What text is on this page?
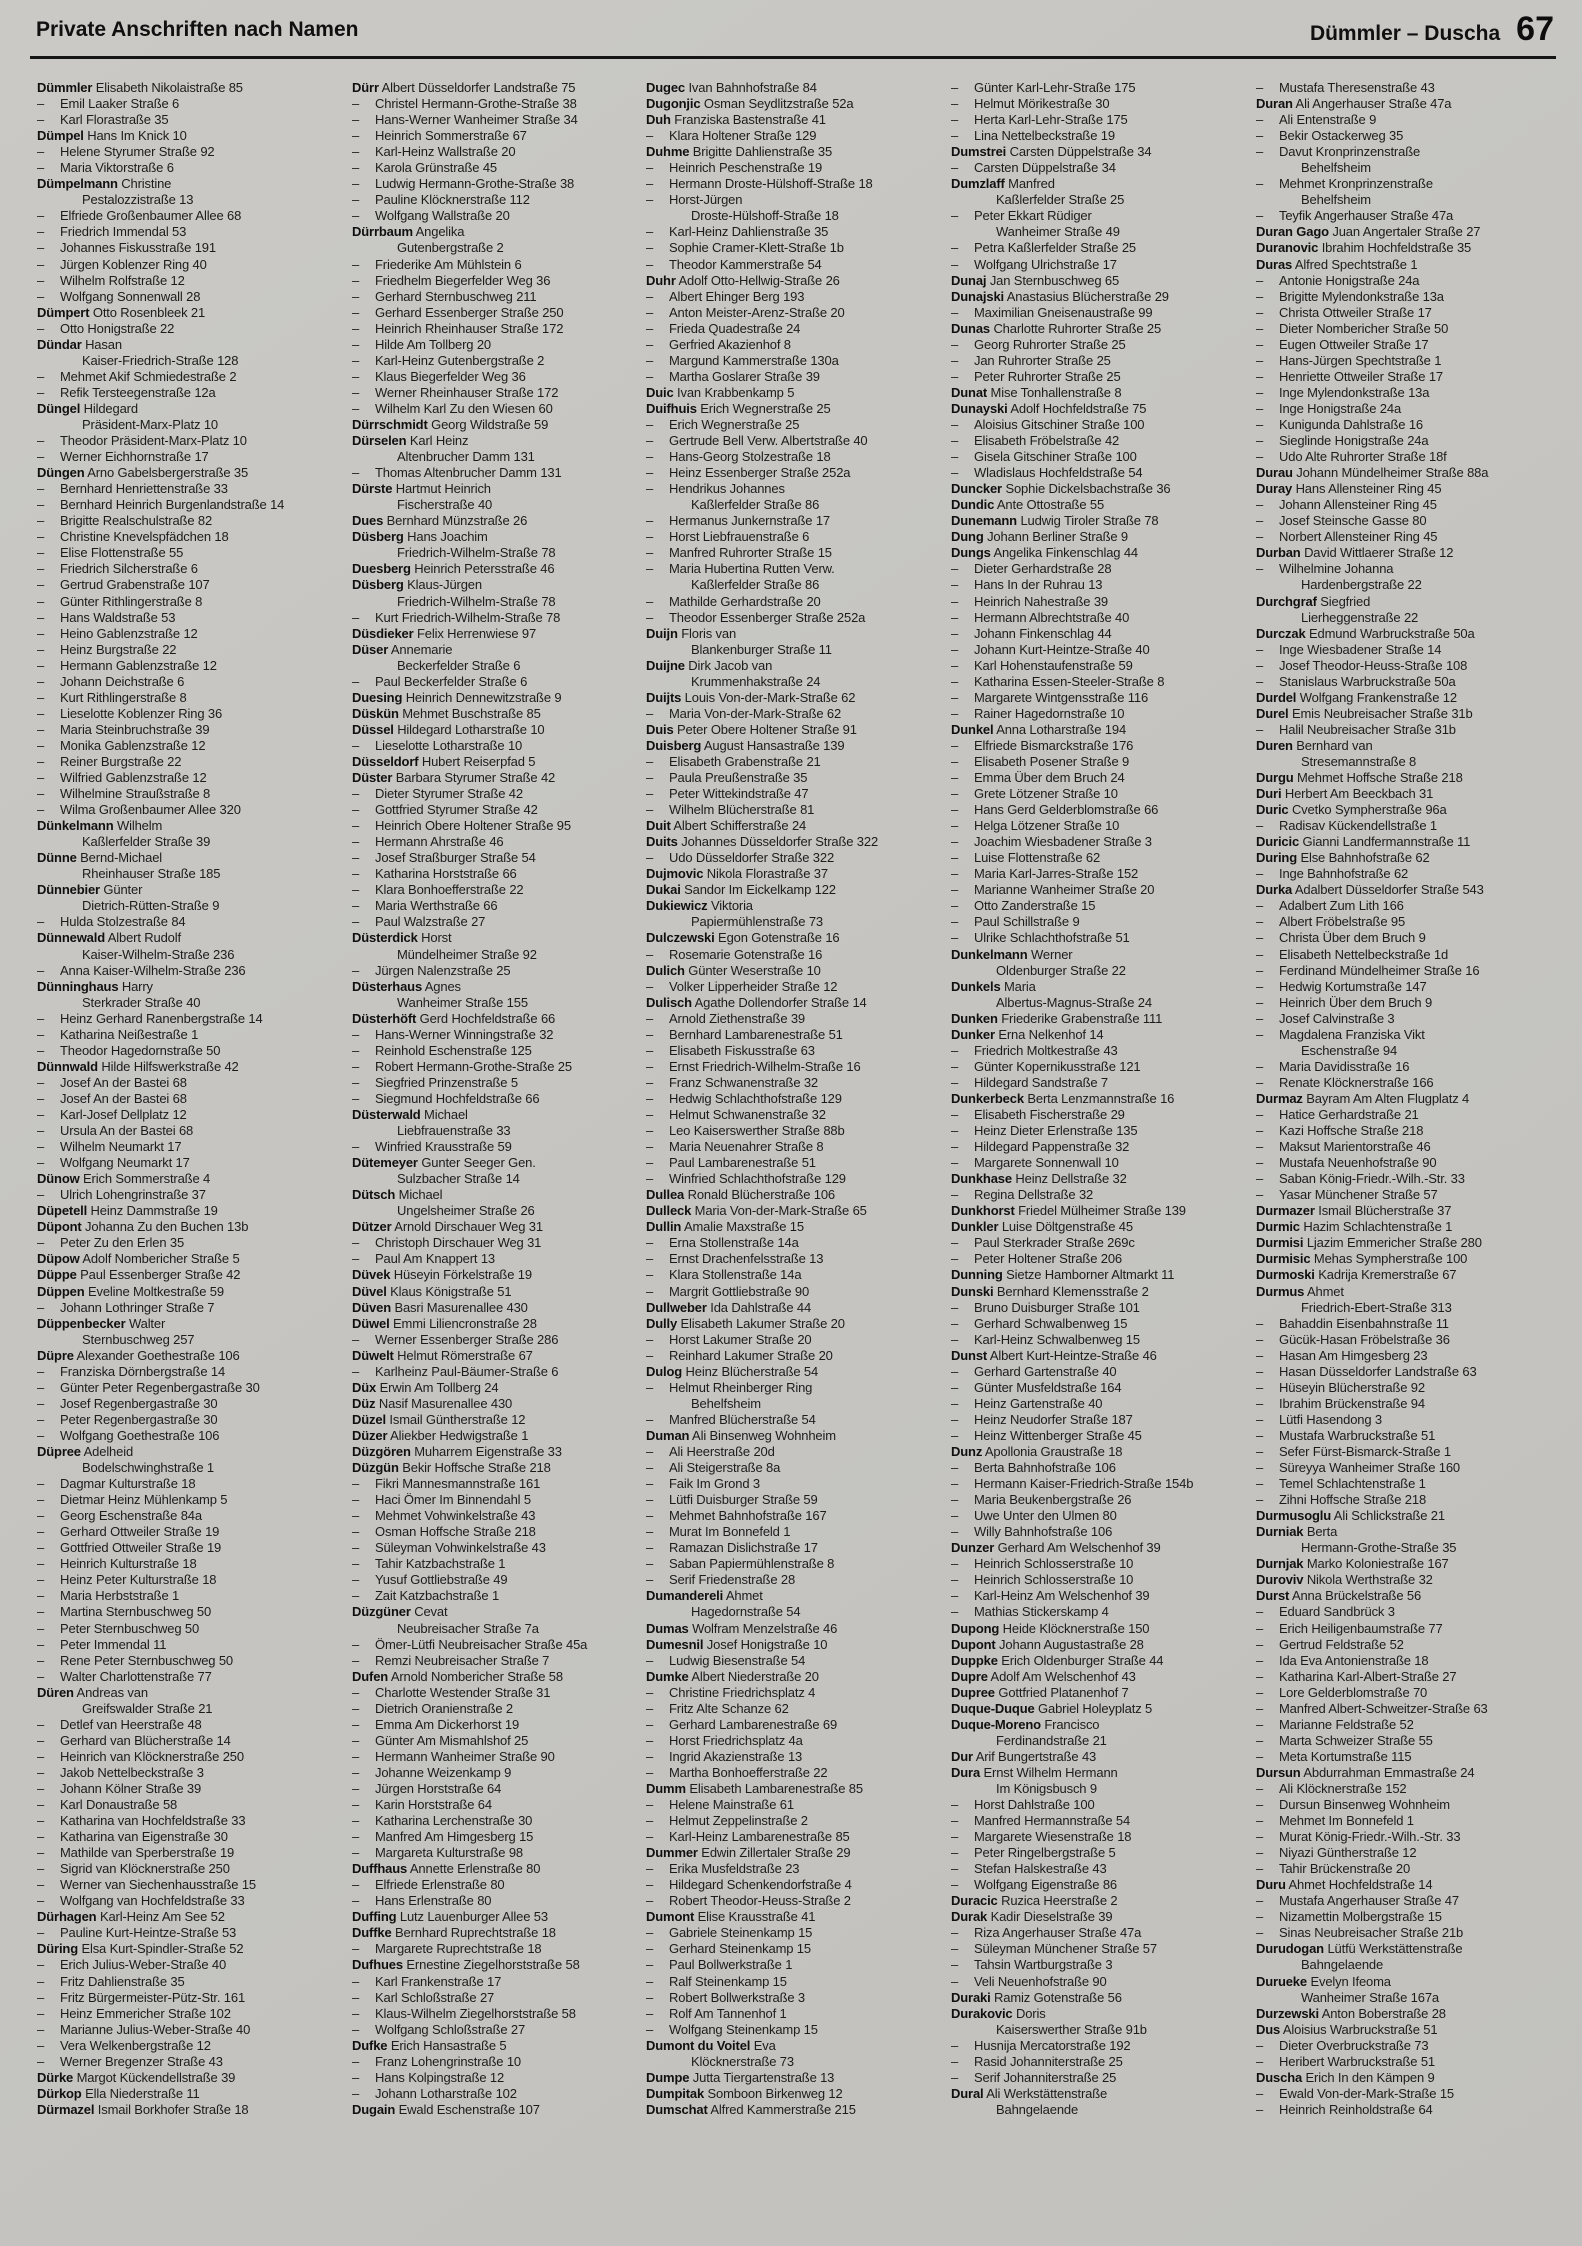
Private Anschriften nach Namen	Dümmler – Duscha 67
Dümmler Elisabeth Nikolaistraße 85
– Emil Laaker Straße 6
– Karl Florastraße 35
Dümpel Hans Im Knick 10
– Helene Styrumer Straße 92
– Maria Viktorstraße 6
Dümpelmann Christine
Pestalozzistraße 13
– Elfriede Großenbaumer Allee 68
– Friedrich Immendal 53
– Johannes Fiskusstraße 191
– Jürgen Koblenzer Ring 40
– Wilhelm Rolfstraße 12
– Wolfgang Sonnenwall 28
Dümpert Otto Rosenbleek 21
– Otto Honigstraße 22
Dündar Hasan
Kaiser-Friedrich-Straße 128
– Mehmet Akif Schmiedestraße 2
– Refik Tersteegenstraße 12a
Düngel Hildegard
Präsident-Marx-Platz 10
– Theodor Präsident-Marx-Platz 10
– Werner Eichhornstraße 17
Düngen Arno Gabelsbergerstraße 35
– Bernhard Henriettenstraße 33
– Bernhard Heinrich Burgenlandstraße 14
– Brigitte Realschulstraße 82
– Christine Knevelspfädchen 18
– Elise Flottenstraße 55
– Friedrich Silcherstraße 6
– Gertrud Grabenstraße 107
– Günter Rithlingerstraße 8
– Hans Waldstraße 53
– Heino Gablenzstraße 12
– Heinz Burgstraße 22
– Hermann Gablenzstraße 12
– Johann Deichstraße 6
– Kurt Rithlingerstraße 8
– Lieselotte Koblenzer Ring 36
– Maria Steinbruchstraße 39
– Monika Gablenzstraße 12
– Reiner Burgstraße 22
– Wilfried Gablenzstraße 12
– Wilhelmine Straußstraße 8
– Wilma Großenbaumer Allee 320
Dünkelmann Wilhelm
Kaßlerfelder Straße 39
Dünne Bernd-Michael
Rheinhauser Straße 185
Dünnebier Günter
Dietrich-Rütten-Straße 9
– Hulda Stolzestraße 84
Dünnewald Albert Rudolf
Kaiser-Wilhelm-Straße 236
– Anna Kaiser-Wilhelm-Straße 236
Dünninghaus Harry
Sterkrader Straße 40
– Heinz Gerhard Ranenbergstraße 14
– Katharina Neißestraße 1
– Theodor Hagedornstraße 50
Dünnwald Hilde Hilfswerkstraße 42
– Josef An der Bastei 68
– Josef An der Bastei 68
– Karl-Josef Dellplatz 12
– Ursula An der Bastei 68
– Wilhelm Neumarkt 17
– Wolfgang Neumarkt 17
Dünow Erich Sommerstraße 4
– Ulrich Lohengrinstraße 37
Düpetell Heinz Dammstraße 19
Düpont Johanna Zu den Buchen 13b
– Peter Zu den Erlen 35
Düpow Adolf Nombericher Straße 5
Düppe Paul Essenberger Straße 42
Düppen Eveline Moltkestraße 59
– Johann Lothringer Straße 7
Düppenbecker Walter
Sternbuschweg 257
Düpre Alexander Goethestraße 106
– Franziska Dörnbergstraße 14
– Günter Peter Regenbergastraße 30
– Josef Regenbergastraße 30
– Peter Regenbergastraße 30
– Wolfgang Goethestraße 106
Düpree Adelheid
Bodelschwinghstraße 1
– Dagmar Kulturstraße 18
– Dietmar Heinz Mühlenkamp 5
– Georg Eschenstraße 84a
– Gerhard Ottweiler Straße 19
– Gottfried Ottweiler Straße 19
– Heinrich Kulturstraße 18
– Heinz Peter Kulturstraße 18
– Maria Herbststraße 1
– Martina Sternbuschweg 50
– Peter Sternbuschweg 50
– Peter Immendal 11
– Rene Peter Sternbuschweg 50
– Walter Charlottenstraße 77
Düren Andreas van
Greifswalder Straße 21
– Detlef van Heerstraße 48
– Gerhard van Blücherstraße 14
– Heinrich van Klöcknerstraße 250
– Jakob Nettelbeckstraße 3
– Johann Kölner Straße 39
– Karl Donaustraße 58
– Katharina van Hochfeldstraße 33
– Katharina van Eigenstraße 30
– Mathilde van Sperberstraße 19
– Sigrid van Klöcknerstraße 250
– Werner van Siechenhausstraße 15
– Wolfgang van Hochfeldstraße 33
Dürhagen Karl-Heinz Am See 52
– Pauline Kurt-Heintze-Straße 53
Düring Elsa Kurt-Spindler-Straße 52
– Erich Julius-Weber-Straße 40
– Fritz Dahlienstraße 35
– Fritz Bürgermeister-Pütz-Str. 161
– Heinz Emmericher Straße 102
– Marianne Julius-Weber-Straße 40
– Vera Welkenbergstraße 12
– Werner Bregenzer Straße 43
Dürke Margot Kückendellstraße 39
Dürkop Ella Niederstraße 11
Dürmazel Ismail Borkhofer Straße 18
Dürr Albert Düsseldorfer Landstraße 75
– Christel Hermann-Grothe-Straße 38
– Hans-Werner Wanheimer Straße 34
– Heinrich Sommerstraße 67
– Karl-Heinz Wallstraße 20
– Karola Grünstraße 45
– Ludwig Hermann-Grothe-Straße 38
– Pauline Klöcknerstraße 112
– Wolfgang Wallstraße 20
Dürrbaum Angelika
Gutenbergstraße 2
– Friederike Am Mühlstein 6
– Friedhelm Biegerfelder Weg 36
– Gerhard Sternbuschweg 211
– Gerhard Essenberger Straße 250
– Heinrich Rheinhauser Straße 172
– Hilde Am Tollberg 20
– Karl-Heinz Gutenbergstraße 2
– Klaus Biegerfelder Weg 36
– Werner Rheinhauser Straße 172
– Wilhelm Karl Zu den Wiesen 60
Dürrschmidt Georg Wildstraße 59
Dürselen Karl Heinz
Altenbrucher Damm 131
– Thomas Altenbrucher Damm 131
Dürste Hartmut Heinrich
Fischerstraße 40
Dues Bernhard Münzstraße 26
Düsberg Hans Joachim
Friedrich-Wilhelm-Straße 78
Duesberg Heinrich Petersstraße 46
Düsberg Klaus-Jürgen
Friedrich-Wilhelm-Straße 78
– Kurt Friedrich-Wilhelm-Straße 78
Düsdieker Felix Herrenwiese 97
Düser Annemarie
Beckerfelder Straße 6
– Paul Beckerfelder Straße 6
Duesing Heinrich Dennewitzstraße 9
Düskün Mehmet Buschstraße 85
Düssel Hildegard Lotharstraße 10
– Lieselotte Lotharstraße 10
Düsseldorf Hubert Reiserpfad 5
Düster Barbara Styrumer Straße 42
– Dieter Styrumer Straße 42
– Gottfried Styrumer Straße 42
– Heinrich Obere Holtener Straße 95
– Hermann Ahrstraße 46
– Josef Straßburger Straße 54
– Katharina Horststraße 66
– Klara Bonhoefferstraße 22
– Maria Werthstraße 66
– Paul Walzstraße 27
Düsterdick Horst
Mündelheimer Straße 92
– Jürgen Nalenzstraße 25
Düsterhaus Agnes
Wanheimer Straße 155
Düsterhöft Gerd Hochfeldstraße 66
– Hans-Werner Winningstraße 32
– Reinhold Eschenstraße 125
– Robert Hermann-Grothe-Straße 25
– Siegfried Prinzenstraße 5
– Siegmund Hochfeldstraße 66
Düsterwald Michael
Liebfrauenstraße 33
– Winfried Krausstraße 59
Dütemeyer Gunter Seeger Gen.
Sulzbacher Straße 14
Dütsch Michael
Ungelsheimer Straße 26
Dützer Arnold Dirschauer Weg 31
– Christoph Dirschauer Weg 31
– Paul Am Knappert 13
Düvek Hüseyin Förkelstraße 19
Düvel Klaus Königstraße 51
Düven Basri Masurenallee 430
Düwel Emmi Liliencronstraße 28
– Werner Essenberger Straße 286
Düwelt Helmut Römerstraße 67
– Karlheinz Paul-Bäumer-Straße 6
Düx Erwin Am Tollberg 24
Düz Nasif Masurenallee 430
Düzel Ismail Güntherstraße 12
Düzer Aliekber Hedwigstraße 1
Düzgören Muharrem Eigenstraße 33
Düzgün Bekir Hoffsche Straße 218
– Fikri Mannesmannstraße 161
– Haci Ömer Im Binnendahl 5
– Mehmet Vohwinkelstraße 43
– Osman Hoffsche Straße 218
– Süleyman Vohwinkelstraße 43
– Tahir Katzbachstraße 1
– Yusuf Gottliebstraße 49
– Zait Katzbachstraße 1
Düzgüner Cevat
Neubreisacher Straße 7a
– Ömer-Lütfi Neubreisacher Straße 45a
– Remzi Neubreisacher Straße 7
Dufen Arnold Nombericher Straße 58
– Charlotte Westender Straße 31
– Dietrich Oranienstraße 2
– Emma Am Dickerhorst 19
– Günter Am Mismahlshof 25
– Hermann Wanheimer Straße 90
– Johanne Weizenkamp 9
– Jürgen Horststraße 64
– Karin Horststraße 64
– Katharina Lerchenstraße 30
– Manfred Am Himgesberg 15
– Margareta Kulturstraße 98
Duffhaus Annette Erlenstraße 80
– Elfriede Erlenstraße 80
– Hans Erlenstraße 80
Duffing Lutz Lauenburger Allee 53
Duffke Bernhard Ruprechtstraße 18
– Margarete Ruprechtstraße 18
Dufhues Ernestine Ziegelhorststraße 58
– Karl Frankenstraße 17
– Karl Schloßstraße 27
– Klaus-Wilhelm Ziegelhorststraße 58
– Wolfgang Schloßstraße 27
Dufke Erich Hansastraße 5
– Franz Lohengrinstraße 10
– Hans Kolpingstraße 12
– Johann Lotharstraße 102
Dugain Ewald Eschenstraße 107
Dugec Ivan Bahnhofstraße 84
Dugonjic Osman Seydlitzstraße 52a
Duh Franziska Bastenstraße 41
– Klara Holtener Straße 129
Duhme Brigitte Dahlienstraße 35
– Heinrich Peschenstraße 19
– Hermann Droste-Hülshoff-Straße 18
– Horst-Jürgen
Droste-Hülshoff-Straße 18
– Karl-Heinz Dahlienstraße 35
– Sophie Cramer-Klett-Straße 1b
– Theodor Kammerstraße 54
Duhr Adolf Otto-Hellwig-Straße 26
– Albert Ehinger Berg 193
– Anton Meister-Arenz-Straße 20
– Frieda Quadestraße 24
– Gerfried Akazienhof 8
– Margund Kammerstraße 130a
– Martha Goslarer Straße 39
Duic Ivan Krabbenkamp 5
Duifhuis Erich Wegnerstraße 25
– Erich Wegnerstraße 25
– Gertrude Bell Verw. Albertstraße 40
– Hans-Georg Stolzestraße 18
– Heinz Essenberger Straße 252a
– Hendrikus Johannes
Kaßlerfelder Straße 86
– Hermanus Junkernstraße 17
– Horst Liebfrauenstraße 6
– Manfred Ruhrorter Straße 15
– Maria Hubertina Rutten Verw.
Kaßlerfelder Straße 86
– Mathilde Gerhardstraße 20
– Theodor Essenberger Straße 252a
Duijn Floris van
Blankenburger Straße 11
Duijne Dirk Jacob van
Krummenhakstraße 24
Duijts Louis Von-der-Mark-Straße 62
– Maria Von-der-Mark-Straße 62
Duis Peter Obere Holtener Straße 91
Duisberg August Hansastraße 139
– Elisabeth Grabenstraße 21
– Paula Preußenstraße 35
– Peter Wittekindstraße 47
– Wilhelm Blücherstraße 81
Duit Albert Schifferstraße 24
Duits Johannes Düsseldorfer Straße 322
– Udo Düsseldorfer Straße 322
Dujmovic Nikola Florastraße 37
Dukai Sandor Im Eickelkamp 122
Dukiewicz Viktoria
Papiermühlenstraße 73
Dulczewski Egon Gotenstraße 16
– Rosemarie Gotenstraße 16
Dulich Günter Weserstraße 10
– Volker Lipperheider Straße 12
Dulisch Agathe Dollendorfer Straße 14
– Arnold Ziethenstraße 39
– Bernhard Lambarenestraße 51
– Elisabeth Fiskusstraße 63
– Ernst Friedrich-Wilhelm-Straße 16
– Franz Schwanenstraße 32
– Hedwig Schlachthofstraße 129
– Helmut Schwanenstraße 32
– Leo Kaiserswerther Straße 88b
– Maria Neuenahrer Straße 8
– Paul Lambarenestraße 51
– Winfried Schlachthofstraße 129
Dullea Ronald Blücherstraße 106
Dulleck Maria Von-der-Mark-Straße 65
Dullin Amalie Maxstraße 15
– Erna Stollenstraße 14a
– Ernst Drachenfelsstraße 13
– Klara Stollenstraße 14a
– Margrit Gottliebstraße 90
Dullweber Ida Dahlstraße 44
Dully Elisabeth Lakumer Straße 20
– Horst Lakumer Straße 20
– Reinhard Lakumer Straße 20
Dulog Heinz Blücherstraße 54
– Helmut Rheinberger Ring
Behelfsheim
– Manfred Blücherstraße 54
Duman Ali Binsenweg Wohnheim
– Ali Heerstraße 20d
– Ali Steigerstraße 8a
– Faik Im Grond 3
– Lütfi Duisburger Straße 59
– Mehmet Bahnhofstraße 167
– Murat Im Bonnefeld 1
– Ramazan Dislichstraße 17
– Saban Papiermühlenstraße 8
– Serif Friedenstraße 28
Dumandereli Ahmet
Hagedornstraße 54
Dumas Wolfram Menzelstraße 46
Dumesnil Josef Honigstraße 10
– Ludwig Biesenstraße 54
Dumke Albert Niederstraße 20
– Christine Friedrichsplatz 4
– Fritz Alte Schanze 62
– Gerhard Lambarenestraße 69
– Horst Friedrichsplatz 4a
– Ingrid Akazienstraße 13
– Martha Bonhoefferstraße 22
Dumm Elisabeth Lambarenestraße 85
– Helene Mainstraße 61
– Helmut Zeppelinstraße 2
– Karl-Heinz Lambarenestraße 85
Dummer Edwin Zillertaler Straße 29
– Erika Musfeldstraße 23
– Hildegard Schenkendorfstraße 4
– Robert Theodor-Heuss-Straße 2
Dumont Elise Krausstraße 41
– Gabriele Steinenkamp 15
– Gerhard Steinenkamp 15
– Paul Bollwerkstraße 1
– Ralf Steinenkamp 15
– Robert Bollwerkstraße 3
– Rolf Am Tannenhof 1
– Wolfgang Steinenkamp 15
Dumont du Voitel Eva
Klöcknerstraße 73
Dumpe Jutta Tiergartenstraße 13
Dumpitak Somboon Birkenweg 12
Dumschat Alfred Kammerstraße 215
– Günter Karl-Lehr-Straße 175
– Helmut Mörikestraße 30
– Herta Karl-Lehr-Straße 175
– Lina Nettelbeckstraße 19
Dumstrei Carsten Düppelstraße 34
– Carsten Düppelstraße 34
Dumzlaff Manfred
Kaßlerfelder Straße 25
– Peter Ekkart Rüdiger
Wanheimer Straße 49
– Petra Kaßlerfelder Straße 25
– Wolfgang Ulrichstraße 17
Dunaj Jan Sternbuschweg 65
Dunajski Anastasius Blücherstraße 29
– Maximilian Gneisenaustraße 99
Dunas Charlotte Ruhrorter Straße 25
– Georg Ruhrorter Straße 25
– Jan Ruhrorter Straße 25
– Peter Ruhrorter Straße 25
Dunat Mise Tonhallenstraße 8
Dunayski Adolf Hochfeldstraße 75
– Aloisius Gitschiner Straße 100
– Elisabeth Fröbelstraße 42
– Gisela Gitschiner Straße 100
– Wladislaus Hochfeldstraße 54
Duncker Sophie Dickelsbachstraße 36
Dundic Ante Ottostraße 55
Dunemann Ludwig Tiroler Straße 78
Dung Johann Berliner Straße 9
Dungs Angelika Finkenschlag 44
– Dieter Gerhardstraße 28
– Hans In der Ruhrau 13
– Heinrich Nahestraße 39
– Hermann Albrechtstraße 40
– Johann Finkenschlag 44
– Johann Kurt-Heintze-Straße 40
– Karl Hohenstaufenstraße 59
– Katharina Essen-Steeler-Straße 8
– Margarete Wintgensstraße 116
– Rainer Hagedornstraße 10
Dunkel Anna Lotharstraße 194
– Elfriede Bismarckstraße 176
– Elisabeth Posener Straße 9
– Emma Über dem Bruch 24
– Grete Lötzener Straße 10
– Hans Gerd Gelderblomstraße 66
– Helga Lötzener Straße 10
– Joachim Wiesbadener Straße 3
– Luise Flottenstraße 62
– Maria Karl-Jarres-Straße 152
– Marianne Wanheimer Straße 20
– Otto Zanderstraße 15
– Paul Schillstraße 9
– Ulrike Schlachthofstraße 51
Dunkelmann Werner
Oldenburger Straße 22
Dunkels Maria
Albertus-Magnus-Straße 24
Dunken Friederike Grabenstraße 111
Dunker Erna Nelkenhof 14
– Friedrich Moltkestraße 43
– Günter Kopernikusstraße 121
– Hildegard Sandstraße 7
Dunkerbeck Berta Lenzmannstraße 16
– Elisabeth Fischerstraße 29
– Heinz Dieter Erlenstraße 135
– Hildegard Pappenstraße 32
– Margarete Sonnenwall 10
Dunkhase Heinz Dellstraße 32
– Regina Dellstraße 32
Dunkhorst Friedel Mülheimer Straße 139
Dunkler Luise Döltgenstraße 45
– Paul Sterkrader Straße 269c
– Peter Holtener Straße 206
Dunning Sietze Hamborner Altmarkt 11
Dunski Bernhard Klemensstraße 2
– Bruno Duisburger Straße 101
– Gerhard Schwalbenweg 15
– Karl-Heinz Schwalbenweg 15
Dunst Albert Kurt-Heintze-Straße 46
– Gerhard Gartenstraße 40
– Günter Musfeldstraße 164
– Heinz Gartenstraße 40
– Heinz Neudorfer Straße 187
– Heinz Wittenberger Straße 45
Dunz Apollonia Graustraße 18
– Berta Bahnhofstraße 106
– Hermann Kaiser-Friedrich-Straße 154b
– Maria Beukenbergstraße 26
– Uwe Unter den Ulmen 80
– Willy Bahnhofstraße 106
Dunzer Gerhard Am Welschenhof 39
– Heinrich Schlosserstraße 10
– Heinrich Schlosserstraße 10
– Karl-Heinz Am Welschenhof 39
– Mathias Stickerskamp 4
Dupong Heide Klöcknerstraße 150
Dupont Johann Augustastraße 28
Duppke Erich Oldenburger Straße 44
Dupre Adolf Am Welschenhof 43
Dupree Gottfried Platanenhof 7
Duque-Duque Gabriel Holeyplatz 5
Duque-Moreno Francisco
Ferdinandstraße 21
Dur Arif Bungertstraße 43
Dura Ernst Wilhelm Hermann
Im Königsbusch 9
– Horst Dahlstraße 100
– Manfred Hermannstraße 54
– Margarete Wiesenstraße 18
– Peter Ringelbergstraße 5
– Stefan Halskestraße 43
– Wolfgang Eigenstraße 86
Duracic Ruzica Heerstraße 2
Durak Kadir Dieselstraße 39
– Riza Angerhauser Straße 47a
– Süleyman Münchener Straße 57
– Tahsin Wartburgstraße 3
– Veli Neuenhofstraße 90
Duraki Ramiz Gotenstraße 56
Durakovic Doris
Kaiserswerther Straße 91b
– Husnija Mercatorstraße 192
– Rasid Johanniterstraße 25
– Serif Johanniterstraße 25
Dural Ali Werkstättenstraße
Bahngelaende
– Mustafa Theresenstraße 43
Duran Ali Angerhauser Straße 47a
– Ali Entenstraße 9
– Bekir Ostackerweg 35
– Davut Kronprinzenstraße
Behelfsheim
– Mehmet Kronprinzenstraße
Behelfsheim
– Teyfik Angerhauser Straße 47a
Duran Gago Juan Angertaler Straße 27
Duranovic Ibrahim Hochfeldstraße 35
Duras Alfred Spechtstraße 1
– Antonie Honigstraße 24a
– Brigitte Mylendonkstraße 13a
– Christa Ottweiler Straße 17
– Dieter Nombericher Straße 50
– Eugen Ottweiler Straße 17
– Hans-Jürgen Spechtstraße 1
– Henriette Ottweiler Straße 17
– Inge Mylendonkstraße 13a
– Inge Honigstraße 24a
– Kunigunda Dahlstraße 16
– Sieglinde Honigstraße 24a
– Udo Alte Ruhrorter Straße 18f
Durau Johann Mündelheimer Straße 88a
Duray Hans Allensteiner Ring 45
– Johann Allensteiner Ring 45
– Josef Steinsche Gasse 80
– Norbert Allensteiner Ring 45
Durban David Wittlaerer Straße 12
– Wilhelmine Johanna
Hardenbergstraße 22
Durchgraf Siegfried
Lierheggenstraße 22
Durczak Edmund Warbruckstraße 50a
– Inge Wiesbadener Straße 14
– Josef Theodor-Heuss-Straße 108
– Stanislaus Warbruckstraße 50a
Durdel Wolfgang Frankenstraße 12
Durel Emis Neubreisacher Straße 31b
– Halil Neubreisacher Straße 31b
Duren Bernhard van
Stresemannstraße 8
Durgu Mehmet Hoffsche Straße 218
Duri Herbert Am Beeckbach 31
Duric Cvetko Sympherstraße 96a
– Radisav Kückendellstraße 1
Duricic Gianni Landfermannstraße 11
During Else Bahnhofstraße 62
– Inge Bahnhofstraße 62
Durka Adalbert Düsseldorfer Straße 543
– Adalbert Zum Lith 166
– Albert Fröbelstraße 95
– Christa Über dem Bruch 9
– Elisabeth Nettelbeckstraße 1d
– Ferdinand Mündelheimer Straße 16
– Hedwig Kortumstraße 147
– Heinrich Über dem Bruch 9
– Josef Calvinstraße 3
– Magdalena Franziska Vikt
Eschenstraße 94
– Maria Davidisstraße 16
– Renate Klöcknerstraße 166
Durmaz Bayram Am Alten Flugplatz 4
– Hatice Gerhardstraße 21
– Kazi Hoffsche Straße 218
– Maksut Marientorstraße 46
– Mustafa Neuenhofstraße 90
– Saban König-Friedr.-Wilh.-Str. 33
– Yasar Münchener Straße 57
Durmazer Ismail Blücherstraße 37
Durmic Hazim Schlachtenstraße 1
Durmisi Ljazim Emmericher Straße 280
Durmisic Mehas Sympherstraße 100
Durmoski Kadrija Kremerstraße 67
Durmus Ahmet
Friedrich-Ebert-Straße 313
– Bahaddin Eisenbahnstraße 11
– Gücük-Hasan Fröbelstraße 36
– Hasan Am Himgesberg 23
– Hasan Düsseldorfer Landstraße 63
– Hüseyin Blücherstraße 92
– Ibrahim Brückenstraße 94
– Lütfi Hasendong 3
– Mustafa Warbruckstraße 51
– Sefer Fürst-Bismarck-Straße 1
– Süreyya Wanheimer Straße 160
– Temel Schlachtenstraße 1
– Zihni Hoffsche Straße 218
Durmusoglu Ali Schlickstraße 21
Durniak Berta
Hermann-Grothe-Straße 35
Durnjak Marko Koloniestraße 167
Duroviv Nikola Werthstraße 32
Durst Anna Brückelstraße 56
– Eduard Sandbrück 3
– Erich Heiligenbaumstraße 77
– Gertrud Feldstraße 52
– Ida Eva Antonienstraße 18
– Katharina Karl-Albert-Straße 27
– Lore Gelderblomstraße 70
– Manfred Albert-Schweitzer-Straße 63
– Marianne Feldstraße 52
– Marta Schweizer Straße 55
– Meta Kortumstraße 115
Dursun Abdurrahman Emmastraße 24
– Ali Klöcknerstraße 152
– Dursun Binsenweg Wohnheim
– Mehmet Im Bonnefeld 1
– Murat König-Friedr.-Wilh.-Str. 33
– Niyazi Güntherstraße 12
– Tahir Brückenstraße 20
Duru Ahmet Hochfeldstraße 14
– Mustafa Angerhauser Straße 47
– Nizamettin Molbergstraße 15
– Sinas Neubreisacher Straße 21b
Durudogan Lütfü Werkstättenstraße
Bahngelaende
Durueke Evelyn Ifeoma
Wanheimer Straße 167a
Durzewski Anton Boberstraße 28
Dus Aloisius Warbruckstraße 51
– Dieter Overbruckstraße 73
– Heribert Warbruckstraße 51
Duscha Erich In den Kämpen 9
– Ewald Von-der-Mark-Straße 15
– Heinrich Reinholdstraße 64
